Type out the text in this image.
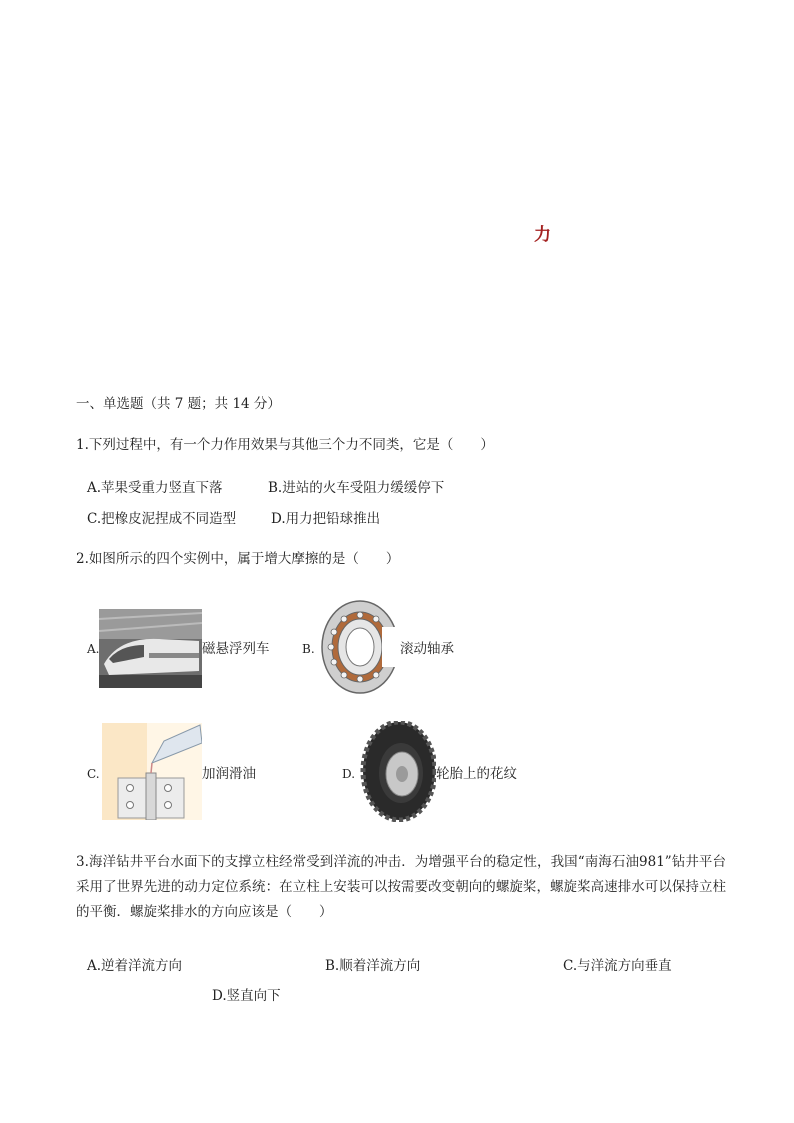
力
一、单选题（共 7 题；共 14 分）
1.下列过程中，有一个力作用效果与其他三个力不同类，它是（　　）
A.苹果受重力竖直下落	B.进站的火车受阻力缓缓停下
C.把橡皮泥捏成不同造型	D.用力把铅球推出
2.如图所示的四个实例中，属于增大摩擦的是（　　）
A.	磁悬浮列车	B.	滚动轴承
C.	加润滑油	D.	轮胎上的花纹
3.海洋钻井平台水面下的支撑立柱经常受到洋流的冲击．为增强平台的稳定性，我国“南海石油981”钻井平台采用了世界先进的动力定位系统：在立柱上安装可以按需要改变朝向的螺旋桨，螺旋桨高速排水可以保持立柱的平衡．螺旋桨排水的方向应该是（　　）
A.逆着洋流方向	B.顺着洋流方向	C.与洋流方向垂直
D.竖直向下
